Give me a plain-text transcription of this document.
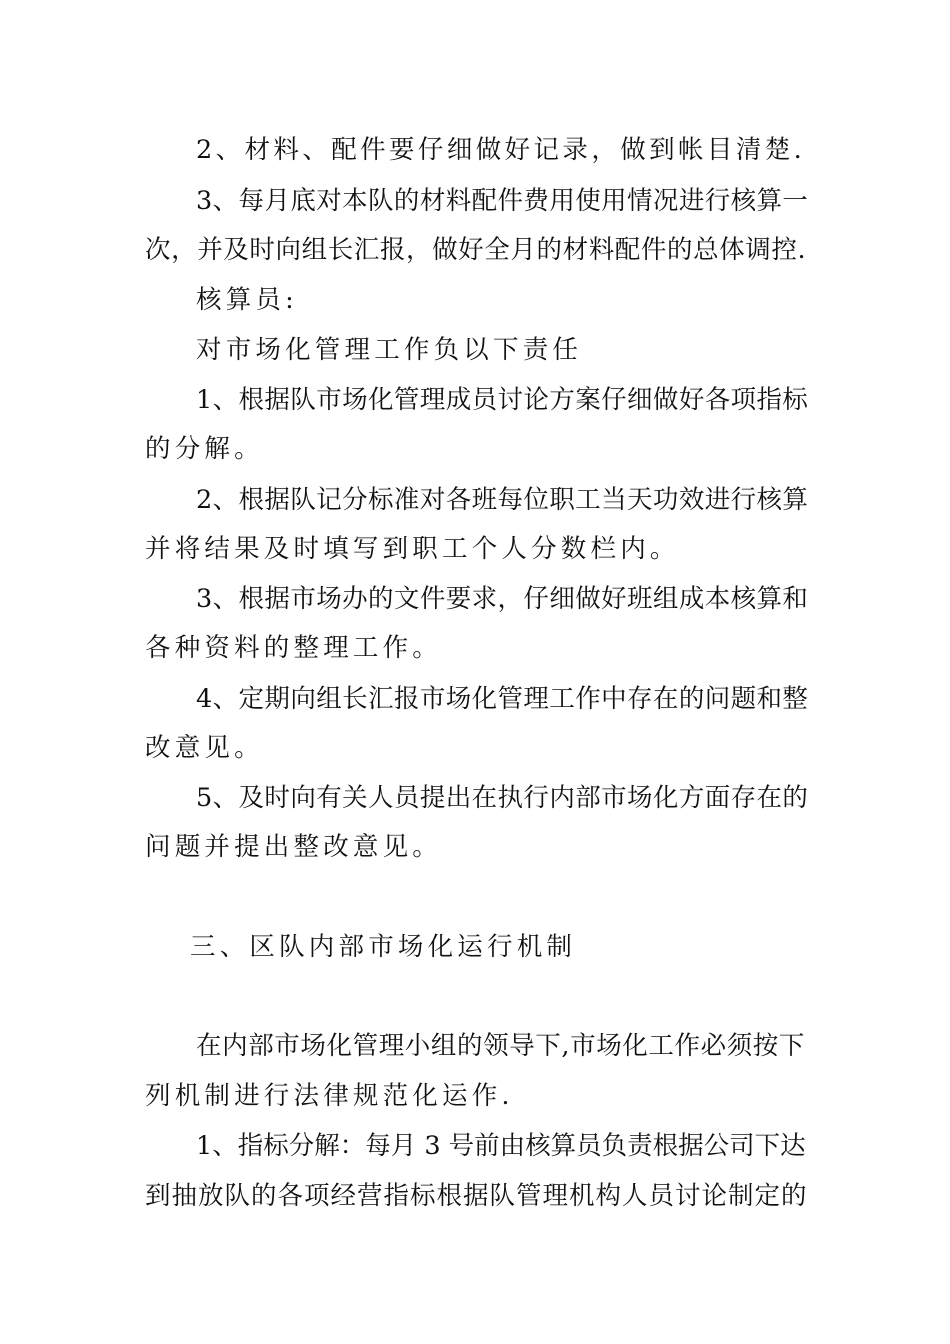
2、材料、配件要仔细做好记录，做到帐目清楚.
3、每月底对本队的材料配件费用使用情况进行核算一
次，并及时向组长汇报，做好全月的材料配件的总体调控.
核算员:
对市场化管理工作负以下责任
1、根据队市场化管理成员讨论方案仔细做好各项指标
的分解。
2、根据队记分标准对各班每位职工当天功效进行核算
并将结果及时填写到职工个人分数栏内。
3、根据市场办的文件要求，仔细做好班组成本核算和
各种资料的整理工作。
4、定期向组长汇报市场化管理工作中存在的问题和整
改意见。
5、及时向有关人员提出在执行内部市场化方面存在的
问题并提出整改意见。
三、区队内部市场化运行机制
在内部市场化管理小组的领导下,市场化工作必须按下
列机制进行法律规范化运作.
1、指标分解：每月 3 号前由核算员负责根据公司下达
到抽放队的各项经营指标根据队管理机构人员讨论制定的
